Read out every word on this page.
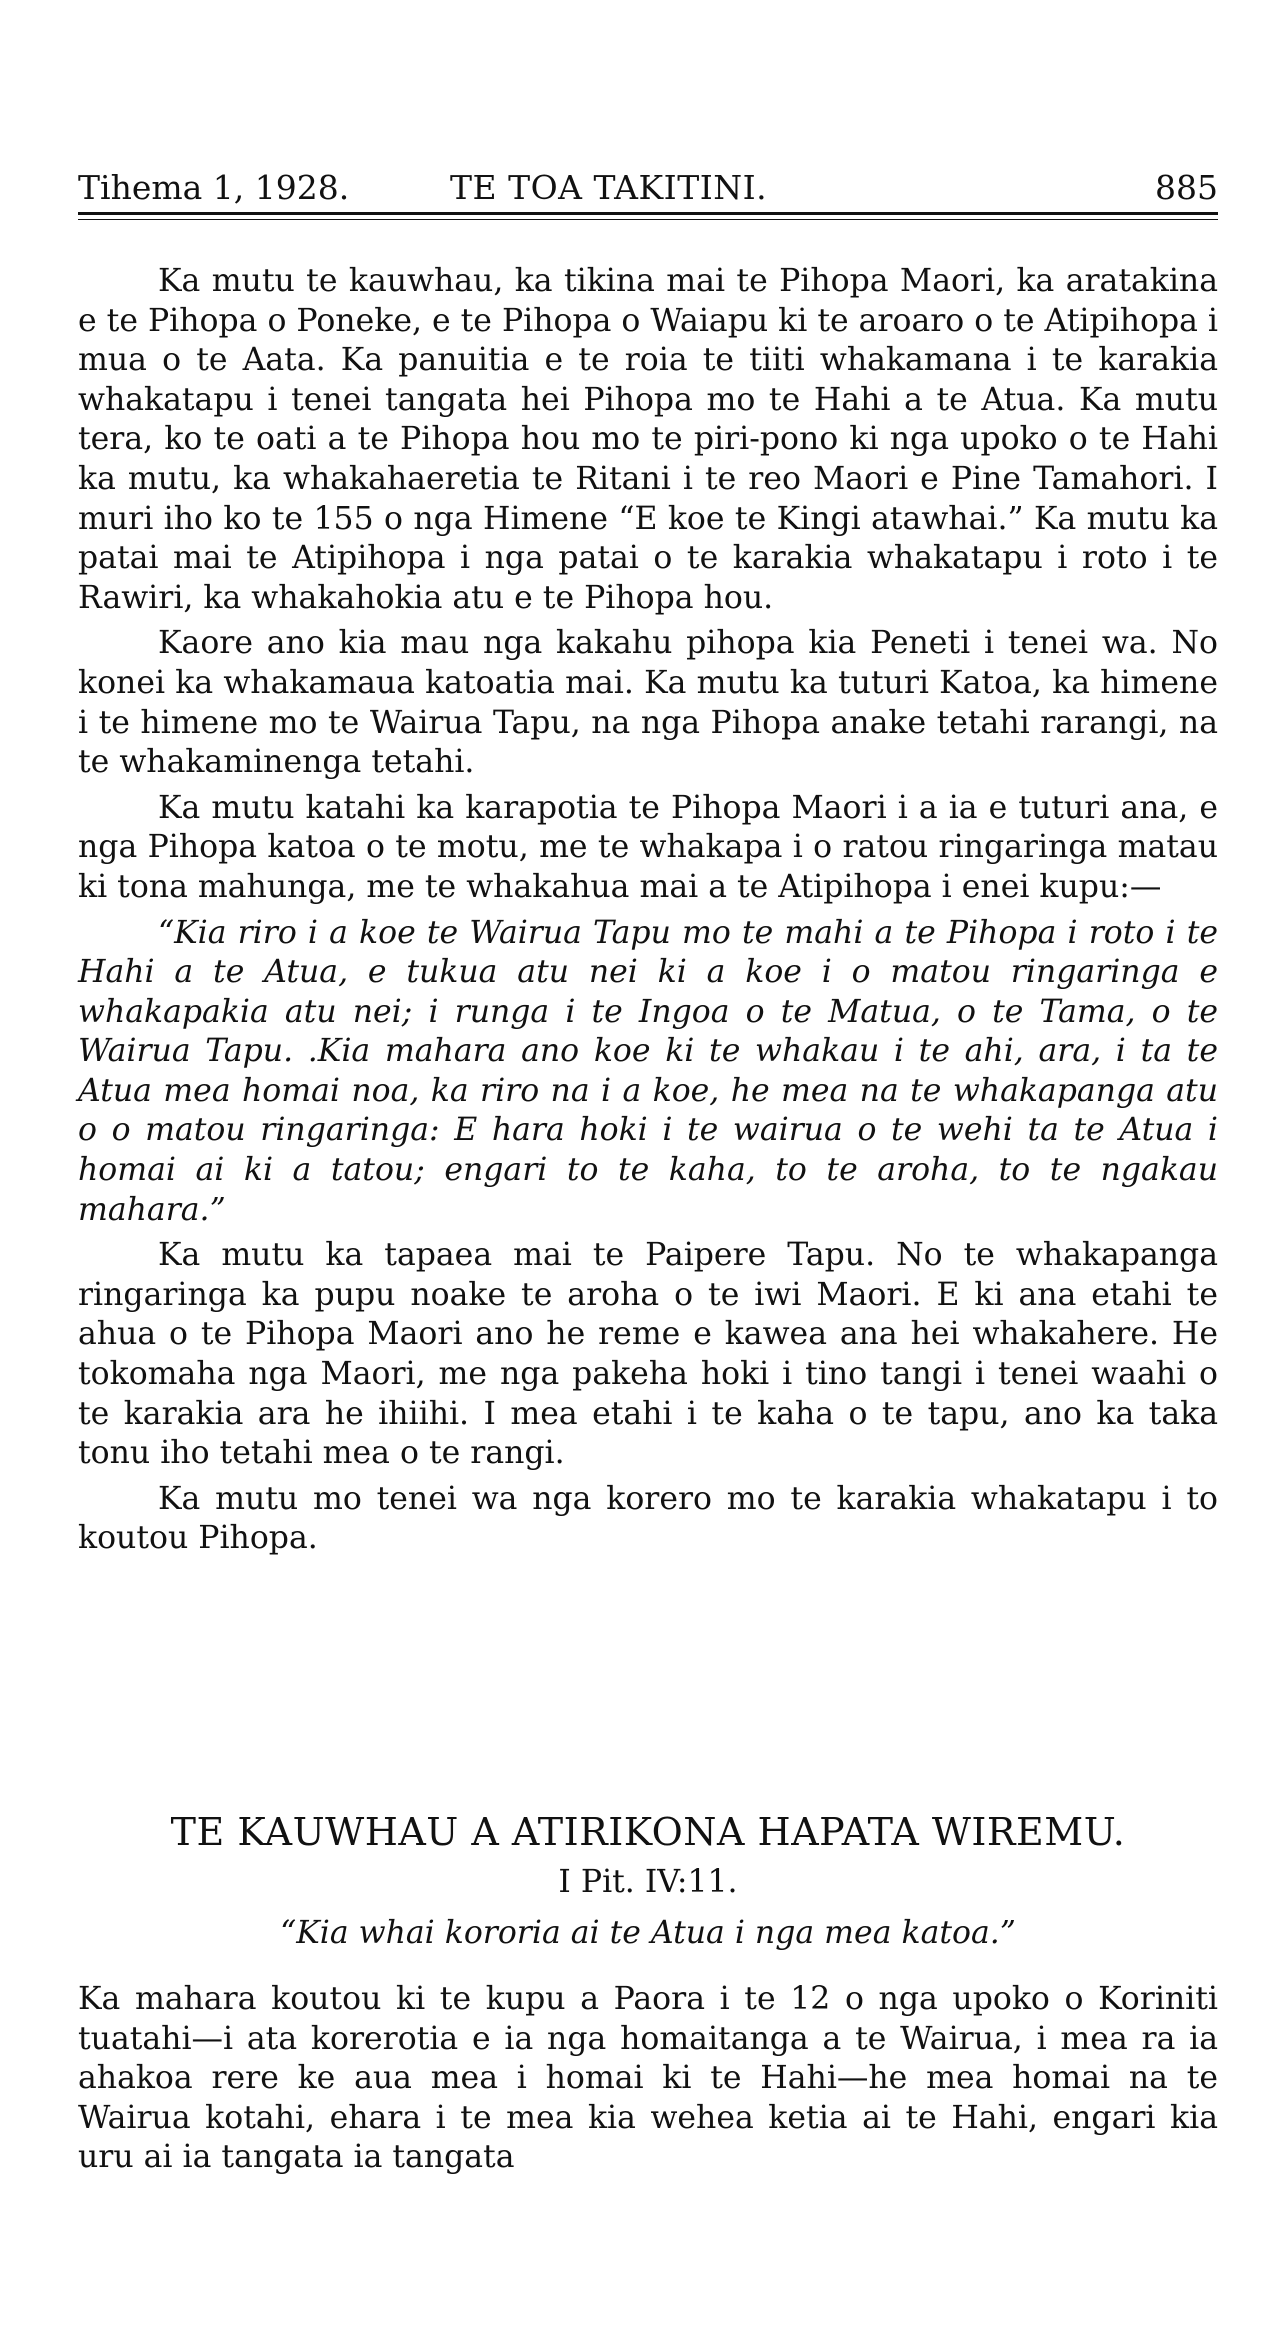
Tihema 1, 1928.	TE TOA TAKITINI.	885

Ka mutu te kauwhau, ka tikina mai te Pihopa Maori, ka aratakina e te Pihopa o Poneke, e te Pihopa o Waiapu ki te aroaro o te Atipihopa i mua o te Aata. Ka panuitia e te roia te tiiti whakamana i te karakia whakatapu i tenei tangata hei Pihopa mo te Hahi a te Atua. Ka mutu tera, ko te oati a te Pihopa hou mo te piri-pono ki nga upoko o te Hahi ka mutu, ka whakahaeretia te Ritani i te reo Maori e Pine Tamahori. I muri iho ko te 155 o nga Himene “E koe te Kingi atawhai.” Ka mutu ka patai mai te Atipihopa i nga patai o te karakia whakatapu i roto i te Rawiri, ka whakahokia atu e te Pihopa hou.

Kaore ano kia mau nga kakahu pihopa kia Peneti i tenei wa. No konei ka whakamaua katoatia mai. Ka mutu ka tuturi Katoa, ka himene i te himene mo te Wairua Tapu, na nga Pihopa anake tetahi rarangi, na te whakaminenga tetahi.

Ka mutu katahi ka karapotia te Pihopa Maori i a ia e tuturi ana, e nga Pihopa katoa o te motu, me te whakapa i o ratou ringaringa matau ki tona mahunga, me te whakahua mai a te Atipihopa i enei kupu:—

“Kia riro i a koe te Wairua Tapu mo te mahi a te Pihopa i roto i te Hahi a te Atua, e tukua atu nei ki a koe i o matou ringaringa e whakapakia atu nei; i runga i te Ingoa o te Matua, o te Tama, o te Wairua Tapu. .Kia mahara ano koe ki te whakau i te ahi, ara, i ta te Atua mea homai noa, ka riro na i a koe, he mea na te whakapanga atu o o matou ringaringa: E hara hoki i te wairua o te wehi ta te Atua i homai ai ki a tatou; engari to te kaha, to te aroha, to te ngakau mahara.”

Ka mutu ka tapaea mai te Paipere Tapu. No te whakapanga ringaringa ka pupu noake te aroha o te iwi Maori. E ki ana etahi te ahua o te Pihopa Maori ano he reme e kawea ana hei whakahere. He tokomaha nga Maori, me nga pakeha hoki i tino tangi i tenei waahi o te karakia ara he ihiihi. I mea etahi i te kaha o te tapu, ano ka taka tonu iho tetahi mea o te rangi.

Ka mutu mo tenei wa nga korero mo te karakia whakatapu i to koutou Pihopa.

TE KAUWHAU A ATIRIKONA HAPATA WIREMU.
I Pit. IV:11.
“Kia whai kororia ai te Atua i nga mea katoa.”

Ka mahara koutou ki te kupu a Paora i te 12 o nga upoko o Koriniti tuatahi—i ata korerotia e ia nga homaitanga a te Wairua, i mea ra ia ahakoa rere ke aua mea i homai ki te Hahi—he mea homai na te Wairua kotahi, ehara i te mea kia wehea ketia ai te Hahi, engari kia uru ai ia tangata ia tangata
